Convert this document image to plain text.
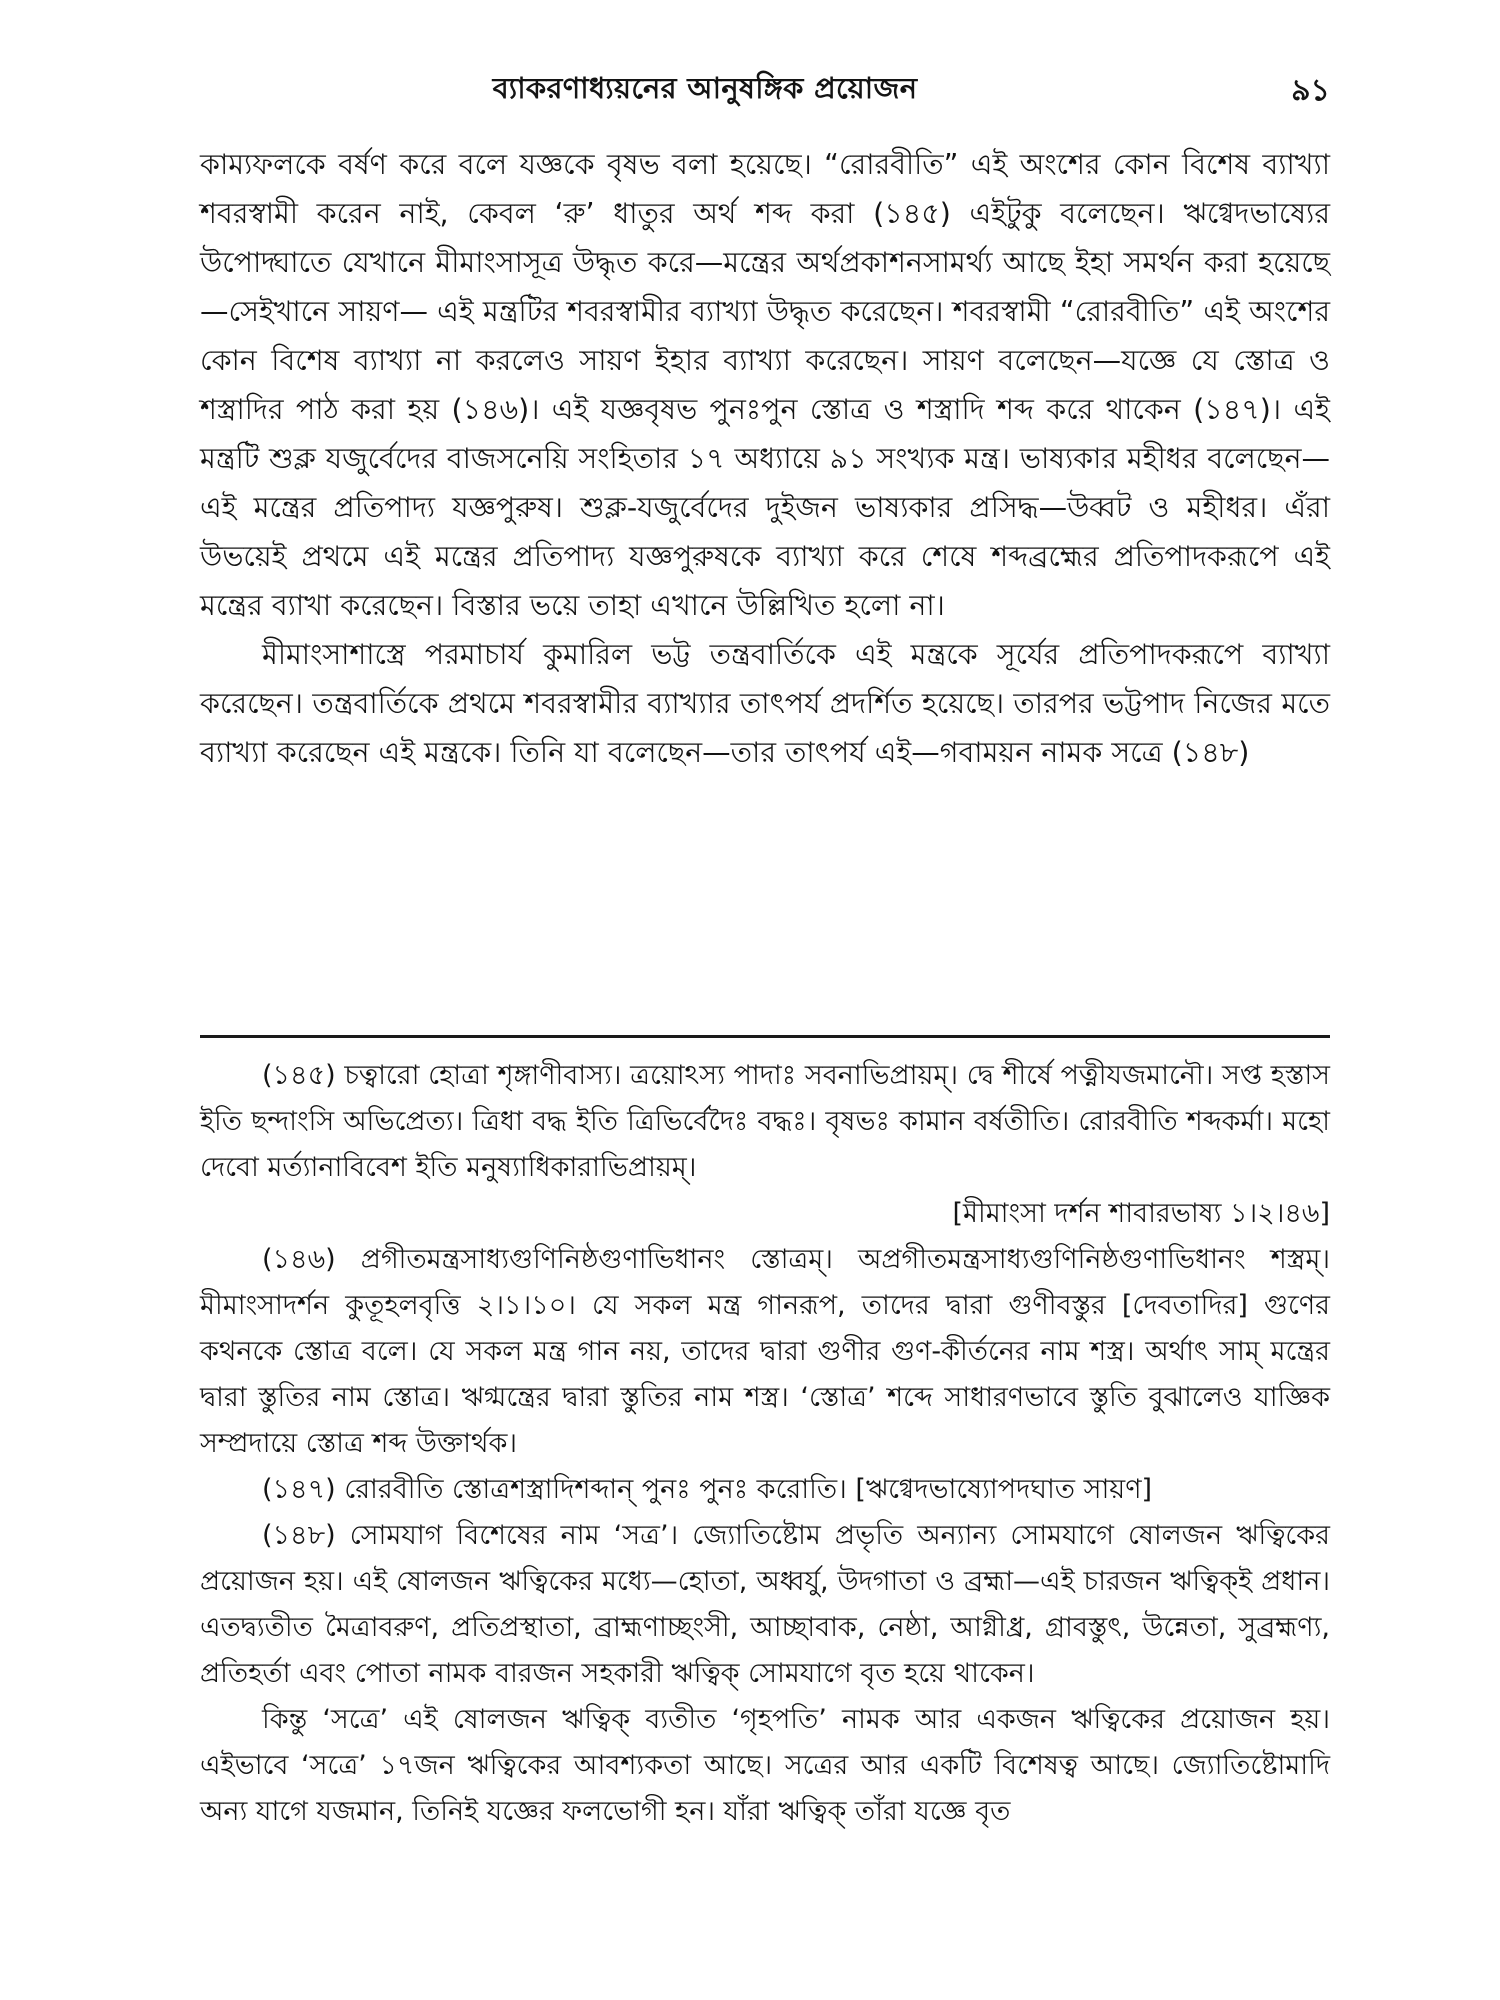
ব্যাকরণাধ্যয়নের আনুষঙ্গিক প্রয়োজন	৯১

কাম্যফলকে বর্ষণ করে বলে যজ্ঞকে বৃষভ বলা হয়েছে। “রোরবীতি” এই অংশের কোন বিশেষ ব্যাখ্যা শবরস্বামী করেন নাই, কেবল ‘রু’ ধাতুর অর্থ শব্দ করা (১৪৫) এইটুকু বলেছেন। ঋগ্বেদভাষ্যের উপোদ্ঘাতে যেখানে মীমাংসাসূত্র উদ্ধৃত করে—মন্ত্রের অর্থপ্রকাশনসামর্থ্য আছে ইহা সমর্থন করা হয়েছে—সেইখানে সায়ণ— এই মন্ত্রটির শবরস্বামীর ব্যাখ্যা উদ্ধৃত করেছেন। শবরস্বামী “রোরবীতি” এই অংশের কোন বিশেষ ব্যাখ্যা না করলেও সায়ণ ইহার ব্যাখ্যা করেছেন। সায়ণ বলেছেন—যজ্ঞে যে স্তোত্র ও শস্ত্রাদির পাঠ করা হয় (১৪৬)। এই যজ্ঞবৃষভ পুনঃপুন স্তোত্র ও শস্ত্রাদি শব্দ করে থাকেন (১৪৭)। এই মন্ত্রটি শুক্ল যজুর্বেদের বাজসনেয়ি সংহিতার ১৭ অধ্যায়ে ৯১ সংখ্যক মন্ত্র। ভাষ্যকার মহীধর বলেছেন—এই মন্ত্রের প্রতিপাদ্য যজ্ঞপুরুষ। শুক্ল-যজুর্বেদের দুইজন ভাষ্যকার প্রসিদ্ধ—উব্বট ও মহীধর। এঁরা উভয়েই প্রথমে এই মন্ত্রের প্রতিপাদ্য যজ্ঞপুরুষকে ব্যাখ্যা করে শেষে শব্দব্রহ্মের প্রতিপাদকরূপে এই মন্ত্রের ব্যাখা করেছেন। বিস্তার ভয়ে তাহা এখানে উল্লিখিত হলো না।

মীমাংসাশাস্ত্রে পরমাচার্য কুমারিল ভট্ট তন্ত্রবার্তিকে এই মন্ত্রকে সূর্যের প্রতিপাদকরূপে ব্যাখ্যা করেছেন। তন্ত্রবার্তিকে প্রথমে শবরস্বামীর ব্যাখ্যার তাৎপর্য প্রদর্শিত হয়েছে। তারপর ভট্টপাদ নিজের মতে ব্যাখ্যা করেছেন এই মন্ত্রকে। তিনি যা বলেছেন—তার তাৎপর্য এই—গবাময়ন নামক সত্রে (১৪৮)

(১৪৫) চত্বারো হোত্রা শৃঙ্গাণীবাস্য। ত্রয়োঽস্য পাদাঃ সবনাভিপ্রায়ম্। দ্বে শীর্ষে পত্নীযজমানৌ। সপ্ত হস্তাস ইতি ছন্দাংসি অভিপ্রেত্য। ত্রিধা বদ্ধ ইতি ত্রিভির্বেদৈঃ বদ্ধঃ। বৃষভঃ কামান বর্ষতীতি। রোরবীতি শব্দকর্মা। মহো দেবো মর্ত্যানাবিবেশ ইতি মনুষ্যাধিকারাভিপ্রায়ম্।
[মীমাংসা দর্শন শাবারভাষ্য ১।২।৪৬]

(১৪৬) প্রগীতমন্ত্রসাধ্যগুণিনিষ্ঠগুণাভিধানং স্তোত্রম্। অপ্রগীতমন্ত্রসাধ্যগুণিনিষ্ঠগুণাভিধানং শস্ত্রম্। মীমাংসাদর্শন কুতূহলবৃত্তি ২।১।১০। যে সকল মন্ত্র গানরূপ, তাদের দ্বারা গুণীবস্তুর [দেবতাদির] গুণের কথনকে স্তোত্র বলে। যে সকল মন্ত্র গান নয়, তাদের দ্বারা গুণীর গুণ-কীর্তনের নাম শস্ত্র। অর্থাৎ সাম্ মন্ত্রের দ্বারা স্তুতির নাম স্তোত্র। ঋগ্মন্ত্রের দ্বারা স্তুতির নাম শস্ত্র। ‘স্তোত্র’ শব্দে সাধারণভাবে স্তুতি বুঝালেও যাজ্ঞিক সম্প্রদায়ে স্তোত্র শব্দ উক্তার্থক।

(১৪৭) রোরবীতি স্তোত্রশস্ত্রাদিশব্দান্ পুনঃ পুনঃ করোতি। [ঋগ্বেদভাষ্যোপদঘাত সায়ণ]

(১৪৮) সোমযাগ বিশেষের নাম ‘সত্র’। জ্যোতিষ্টোম প্রভৃতি অন্যান্য সোমযাগে ষোলজন ঋত্বিকের প্রয়োজন হয়। এই ষোলজন ঋত্বিকের মধ্যে—হোতা, অধ্বর্যু, উদগাতা ও ব্রহ্মা—এই চারজন ঋত্বিক্ই প্রধান। এতদ্ব্যতীত মৈত্রাবরুণ, প্রতিপ্রস্থাতা, ব্রাহ্মণাচ্ছংসী, আচ্ছাবাক, নেষ্ঠা, আগ্নীধ্র, গ্রাবস্তুৎ, উন্নেতা, সুব্রহ্মণ্য, প্রতিহর্তা এবং পোতা নামক বারজন সহকারী ঋত্বিক্ সোমযাগে বৃত হয়ে থাকেন।

কিন্তু ‘সত্রে’ এই ষোলজন ঋত্বিক্ ব্যতীত ‘গৃহপতি’ নামক আর একজন ঋত্বিকের প্রয়োজন হয়। এইভাবে ‘সত্রে’ ১৭জন ঋত্বিকের আবশ্যকতা আছে। সত্রের আর একটি বিশেষত্ব আছে। জ্যোতিষ্টোমাদি অন্য যাগে যজমান, তিনিই যজ্ঞের ফলভোগী হন। যাঁরা ঋত্বিক্ তাঁরা যজ্ঞে বৃত
